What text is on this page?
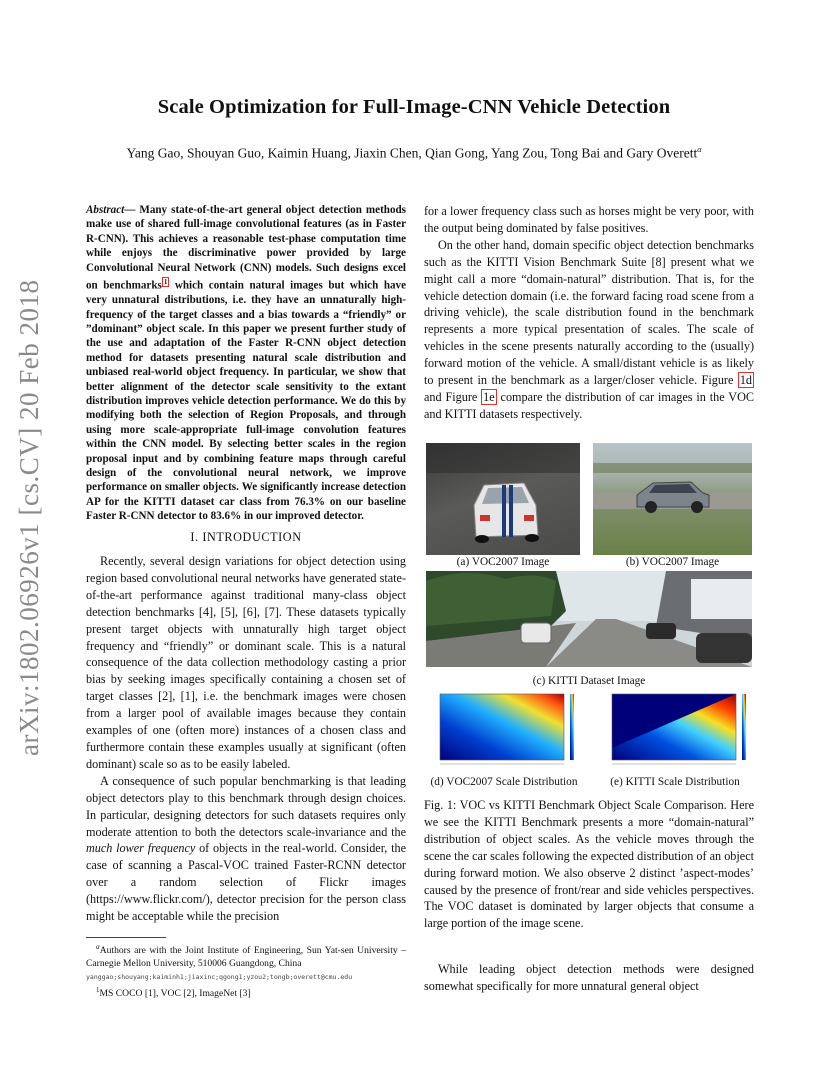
Scale Optimization for Full-Image-CNN Vehicle Detection
Yang Gao, Shouyan Guo, Kaimin Huang, Jiaxin Chen, Qian Gong, Yang Zou, Tong Bai and Gary Overett$^\alpha$
arXiv:1802.06926v1 [cs.CV] 20 Feb 2018
Abstract— Many state-of-the-art general object detection methods make use of shared full-image convolutional features (as in Faster R-CNN). This achieves a reasonable test-phase computation time while enjoys the discriminative power provided by large Convolutional Neural Network (CNN) models. Such designs excel on benchmarks $^1$ which contain natural images but which have very unnatural distributions, i.e. they have an unnaturally high-frequency of the target classes and a bias towards a “friendly” or ”dominant” object scale. In this paper we present further study of the use and adaptation of the Faster R-CNN object detection method for datasets presenting natural scale distribution and unbiased real-world object frequency. In particular, we show that better alignment of the detector scale sensitivity to the extant distribution improves vehicle detection performance. We do this by modifying both the selection of Region Proposals, and through using more scale-appropriate full-image convolution features within the CNN model. By selecting better scales in the region proposal input and by combining feature maps through careful design of the convolutional neural network, we improve performance on smaller objects. We significantly increase detection AP for the KITTI dataset car class from 76.3% on our baseline Faster R-CNN detector to 83.6% in our improved detector.
I. INTRODUCTION

Recently, several design variations for object detection using region based convolutional neural networks have generated state-of-the-art performance against traditional many-class object detection benchmarks [4], [5], [6], [7]. These datasets typically present target objects with unnaturally high target object frequency and “friendly” or dominant scale. This is a natural consequence of the data collection methodology casting a prior bias by seeking images specifically containing a chosen set of target classes [2], [1], i.e. the benchmark images were chosen from a larger pool of available images because they contain examples of one (often more) instances of a chosen class and furthermore contain these examples usually at significant (often dominant) scale so as to be easily labeled.

A consequence of such popular benchmarking is that leading object detectors play to this benchmark through design choices. In particular, designing detectors for such datasets requires only moderate attention to both the detectors scale-invariance and the much lower frequency of objects in the real-world. Consider, the case of scanning a Pascal-VOC trained Faster-RCNN detector over a random selection of Flickr images (https://www.flickr.com/), detector precision for the person class might be acceptable while the precision

$^\alpha$Authors are with the Joint Institute of Engineering, Sun Yat-sen University – Carnegie Mellon University, 510006 Guangdong, China
yanggao;shouyang;kaiminh1;jiaxinc;qgong1;yzou2;tongb;overett@cmu.edu
$^1$MS COCO [1], VOC [2], ImageNet [3]

for a lower frequency class such as horses might be very poor, with the output being dominated by false positives.

On the other hand, domain specific object detection benchmarks such as the KITTI Vision Benchmark Suite [8] present what we might call a more “domain-natural” distribution. That is, for the vehicle detection domain (i.e. the forward facing road scene from a driving vehicle), the scale distribution found in the benchmark represents a more typical presentation of scales. The scale of vehicles in the scene presents naturally according to the (usually) forward motion of the vehicle. A small/distant vehicle is as likely to present in the benchmark as a larger/closer vehicle. Figure 1d and Figure 1e compare the distribution of car images in the VOC and KITTI datasets respectively.

(a) VOC2007 Image	(b) VOC2007 Image
(c) KITTI Dataset Image
(d) VOC2007 Scale Distribution	(e) KITTI Scale Distribution
Fig. 1: VOC vs KITTI Benchmark Object Scale Comparison. Here we see the KITTI Benchmark presents a more “domain-natural” distribution of object scales. As the vehicle moves through the scene the car scales following the expected distribution of an object during forward motion. We also observe 2 distinct ’aspect-modes’ caused by the presence of front/rear and side vehicles perspectives. The VOC dataset is dominated by larger objects that consume a large portion of the image scene.

While leading object detection methods were designed somewhat specifically for more unnatural general object
